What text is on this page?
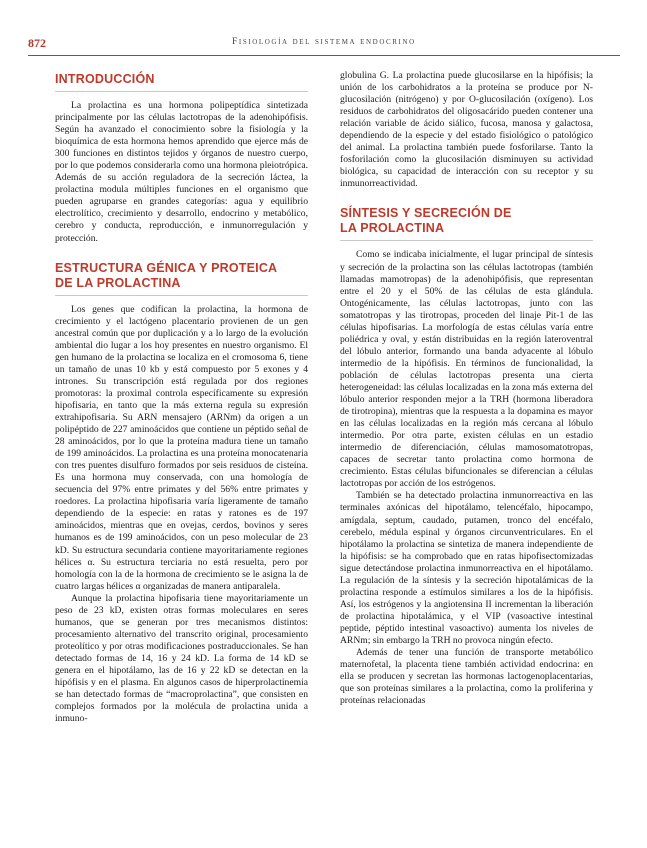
872	Fisiología del sistema endocrino
INTRODUCCIÓN

La prolactina es una hormona polipeptídica sintetizada principalmente por las células lactotropas de la adenohipófisis. Según ha avanzado el conocimiento sobre la fisiología y la bioquímica de esta hormona hemos aprendido que ejerce más de 300 funciones en distintos tejidos y órganos de nuestro cuerpo, por lo que podemos considerarla como una hormona pleiotrópica. Además de su acción reguladora de la secreción láctea, la prolactina modula múltiples funciones en el organismo que pueden agruparse en grandes categorías: agua y equilibrio electrolítico, crecimiento y desarrollo, endocrino y metabólico, cerebro y conducta, reproducción, e inmunorregulación y protección.

ESTRUCTURA GÉNICA Y PROTEICA
DE LA PROLACTINA

Los genes que codifican la prolactina, la hormona de crecimiento y el lactógeno placentario provienen de un gen ancestral común que por duplicación y a lo largo de la evolución ambiental dio lugar a los hoy presentes en nuestro organismo. El gen humano de la prolactina se localiza en el cromosoma 6, tiene un tamaño de unas 10 kb y está compuesto por 5 exones y 4 intrones. Su transcripción está regulada por dos regiones promotoras: la proximal controla específicamente su expresión hipofisaria, en tanto que la más externa regula su expresión extrahipofisaria. Su ARN mensajero (ARNm) da origen a un polipéptido de 227 aminoácidos que contiene un péptido señal de 28 aminoácidos, por lo que la proteína madura tiene un tamaño de 199 aminoácidos. La prolactina es una proteína monocatenaria con tres puentes disulfuro formados por seis residuos de cisteína. Es una hormona muy conservada, con una homología de secuencia del 97% entre primates y del 56% entre primates y roedores. La prolactina hipofisaria varía ligeramente de tamaño dependiendo de la especie: en ratas y ratones es de 197 aminoácidos, mientras que en ovejas, cerdos, bovinos y seres humanos es de 199 aminoácidos, con un peso molecular de 23 kD. Su estructura secundaria contiene mayoritariamente regiones hélices α. Su estructura terciaria no está resuelta, pero por homología con la de la hormona de crecimiento se le asigna la de cuatro largas hélices α organizadas de manera antiparalela.

Aunque la prolactina hipofisaria tiene mayoritariamente un peso de 23 kD, existen otras formas moleculares en seres humanos, que se generan por tres mecanismos distintos: procesamiento alternativo del transcrito original, procesamiento proteolítico y por otras modificaciones postraduccionales. Se han detectado formas de 14, 16 y 24 kD. La forma de 14 kD se genera en el hipotálamo, las de 16 y 22 kD se detectan en la hipófisis y en el plasma. En algunos casos de hiperprolactinemia se han detectado formas de “macroprolactina”, que consisten en complejos formados por la molécula de prolactina unida a inmuno-

globulina G. La prolactina puede glucosilarse en la hipófisis; la unión de los carbohidratos a la proteína se produce por N-glucosilación (nitrógeno) y por O-glucosilación (oxígeno). Los residuos de carbohidratos del oligosacárido pueden contener una relación variable de ácido siálico, fucosa, manosa y galactosa, dependiendo de la especie y del estado fisiológico o patológico del animal. La prolactina también puede fosforilarse. Tanto la fosforilación como la glucosilación disminuyen su actividad biológica, su capacidad de interacción con su receptor y su inmunorreactividad.

SÍNTESIS Y SECRECIÓN DE
LA PROLACTINA

Como se indicaba inicialmente, el lugar principal de síntesis y secreción de la prolactina son las células lactotropas (también llamadas mamotropas) de la adenohipófisis, que representan entre el 20 y el 50% de las células de esta glándula. Ontogénicamente, las células lactotropas, junto con las somatotropas y las tirotropas, proceden del linaje Pit-1 de las células hipofisarias. La morfología de estas células varía entre poliédrica y oval, y están distribuidas en la región lateroventral del lóbulo anterior, formando una banda adyacente al lóbulo intermedio de la hipófisis. En términos de funcionalidad, la población de células lactotropas presenta una cierta heterogeneidad: las células localizadas en la zona más externa del lóbulo anterior responden mejor a la TRH (hormona liberadora de tirotropina), mientras que la respuesta a la dopamina es mayor en las células localizadas en la región más cercana al lóbulo intermedio. Por otra parte, existen células en un estadio intermedio de diferenciación, células mamosomatotropas, capaces de secretar tanto prolactina como hormona de crecimiento. Estas células bifuncionales se diferencian a células lactotropas por acción de los estrógenos.

También se ha detectado prolactina inmunorreactiva en las terminales axónicas del hipotálamo, telencéfalo, hipocampo, amígdala, septum, caudado, putamen, tronco del encéfalo, cerebelo, médula espinal y órganos circunventriculares. En el hipotálamo la prolactina se sintetiza de manera independiente de la hipófisis: se ha comprobado que en ratas hipofisectomizadas sigue detectándose prolactina inmunorreactiva en el hipotálamo. La regulación de la síntesis y la secreción hipotalámicas de la prolactina responde a estímulos similares a los de la hipófisis. Así, los estrógenos y la angiotensina II incrementan la liberación de prolactina hipotalámica, y el VIP (vasoactive intestinal peptide, péptido intestinal vasoactivo) aumenta los niveles de ARNm; sin embargo la TRH no provoca ningún efecto.

Además de tener una función de transporte metabólico maternofetal, la placenta tiene también actividad endocrina: en ella se producen y secretan las hormonas lactogenoplacentarias, que son proteínas similares a la prolactina, como la proliferina y proteínas relacionadas
